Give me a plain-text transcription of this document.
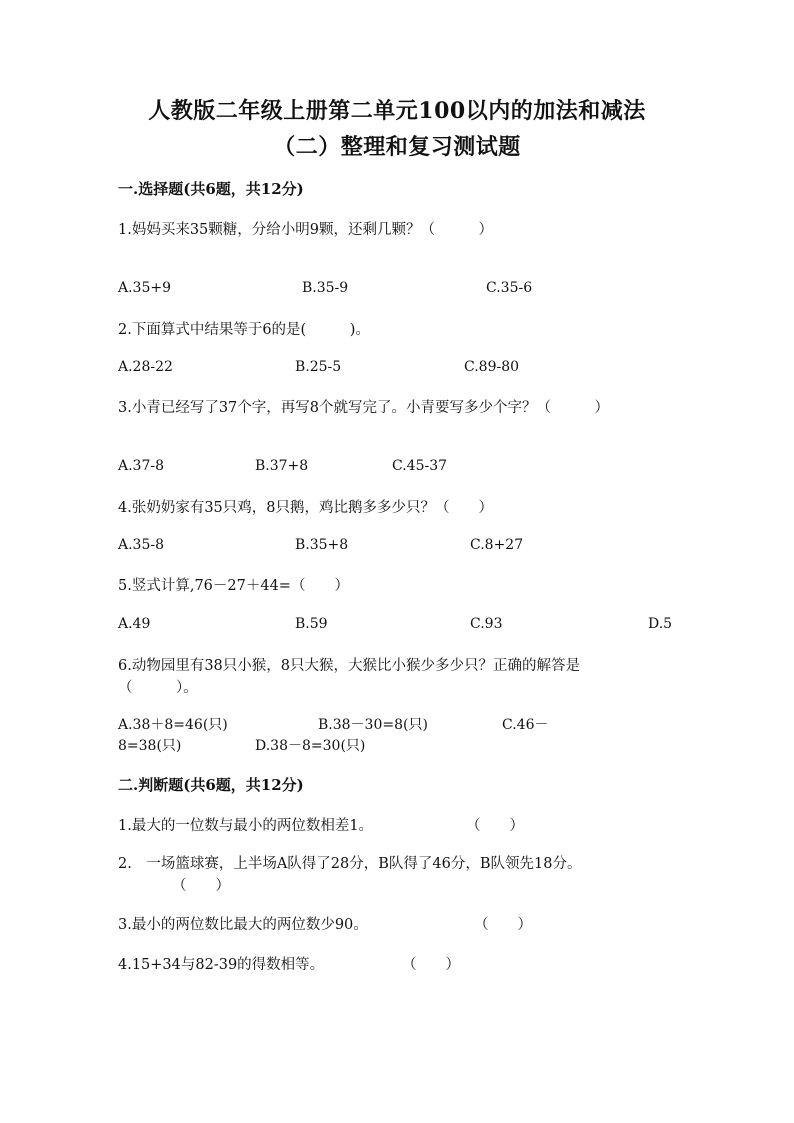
人教版二年级上册第二单元100以内的加法和减法
（二）整理和复习测试题
一.选择题(共6题，共12分)
1.妈妈买来35颗糖，分给小明9颗，还剩几颗？（　　　）
A.35+9	B.35-9	C.35-6
2.下面算式中结果等于6的是(　　　)。
A.28-22	B.25-5	C.89-80
3.小青已经写了37个字，再写8个就写完了。小青要写多少个字？（　　　）
A.37-8	B.37+8	C.45-37
4.张奶奶家有35只鸡，8只鹅，鸡比鹅多多少只？（　　）
A.35-8	B.35+8	C.8+27
5.竖式计算,76－27＋44=（　　）
A.49	B.59	C.93	D.5
6.动物园里有38只小猴，8只大猴，大猴比小猴少多少只？正确的解答是
（　　　）。
A.38＋8=46(只)	B.38－30=8(只)	C.46－
8=38(只)	D.38－8=30(只)
二.判断题(共6题，共12分)
1.最大的一位数与最小的两位数相差1。	（　　）
2.　一场篮球赛，上半场A队得了28分，B队得了46分，B队领先18分。
（　　）
3.最小的两位数比最大的两位数少90。	（　　）
4.15+34与82-39的得数相等。	（　　）
